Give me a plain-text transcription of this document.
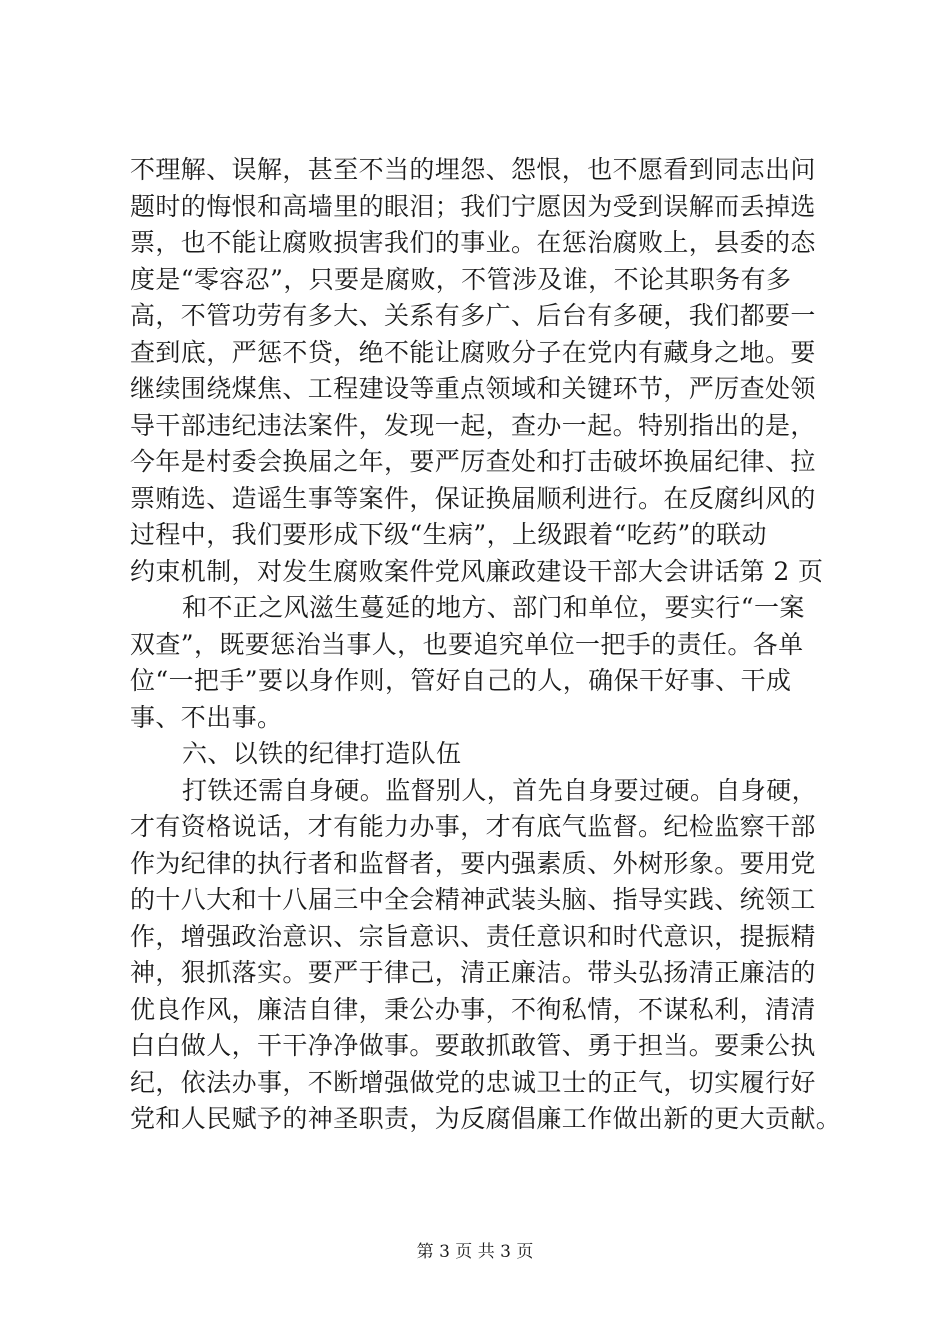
不理解、误解，甚至不当的埋怨、怨恨，也不愿看到同志出问
题时的悔恨和高墙里的眼泪；我们宁愿因为受到误解而丢掉选
票，也不能让腐败损害我们的事业。在惩治腐败上，县委的态
度是“零容忍”，只要是腐败，不管涉及谁，不论其职务有多
高，不管功劳有多大、关系有多广、后台有多硬，我们都要一
查到底，严惩不贷，绝不能让腐败分子在党内有藏身之地。要
继续围绕煤焦、工程建设等重点领域和关键环节，严厉查处领
导干部违纪违法案件，发现一起，查办一起。特别指出的是，
今年是村委会换届之年，要严厉查处和打击破坏换届纪律、拉
票贿选、造谣生事等案件，保证换届顺利进行。在反腐纠风的
过程中，我们要形成下级“生病”，上级跟着“吃药”的联动
约束机制，对发生腐败案件党风廉政建设干部大会讲话第 2 页
和不正之风滋生蔓延的地方、部门和单位，要实行“一案
双查”，既要惩治当事人，也要追究单位一把手的责任。各单
位“一把手”要以身作则，管好自己的人，确保干好事、干成
事、不出事。
六、以铁的纪律打造队伍
打铁还需自身硬。监督别人，首先自身要过硬。自身硬，
才有资格说话，才有能力办事，才有底气监督。纪检监察干部
作为纪律的执行者和监督者，要内强素质、外树形象。要用党
的十八大和十八届三中全会精神武装头脑、指导实践、统领工
作，增强政治意识、宗旨意识、责任意识和时代意识，提振精
神，狠抓落实。要严于律己，清正廉洁。带头弘扬清正廉洁的
优良作风，廉洁自律，秉公办事，不徇私情，不谋私利，清清
白白做人，干干净净做事。要敢抓敢管、勇于担当。要秉公执
纪，依法办事，不断增强做党的忠诚卫士的正气，切实履行好
党和人民赋予的神圣职责，为反腐倡廉工作做出新的更大贡献。
第 3 页 共 3 页
